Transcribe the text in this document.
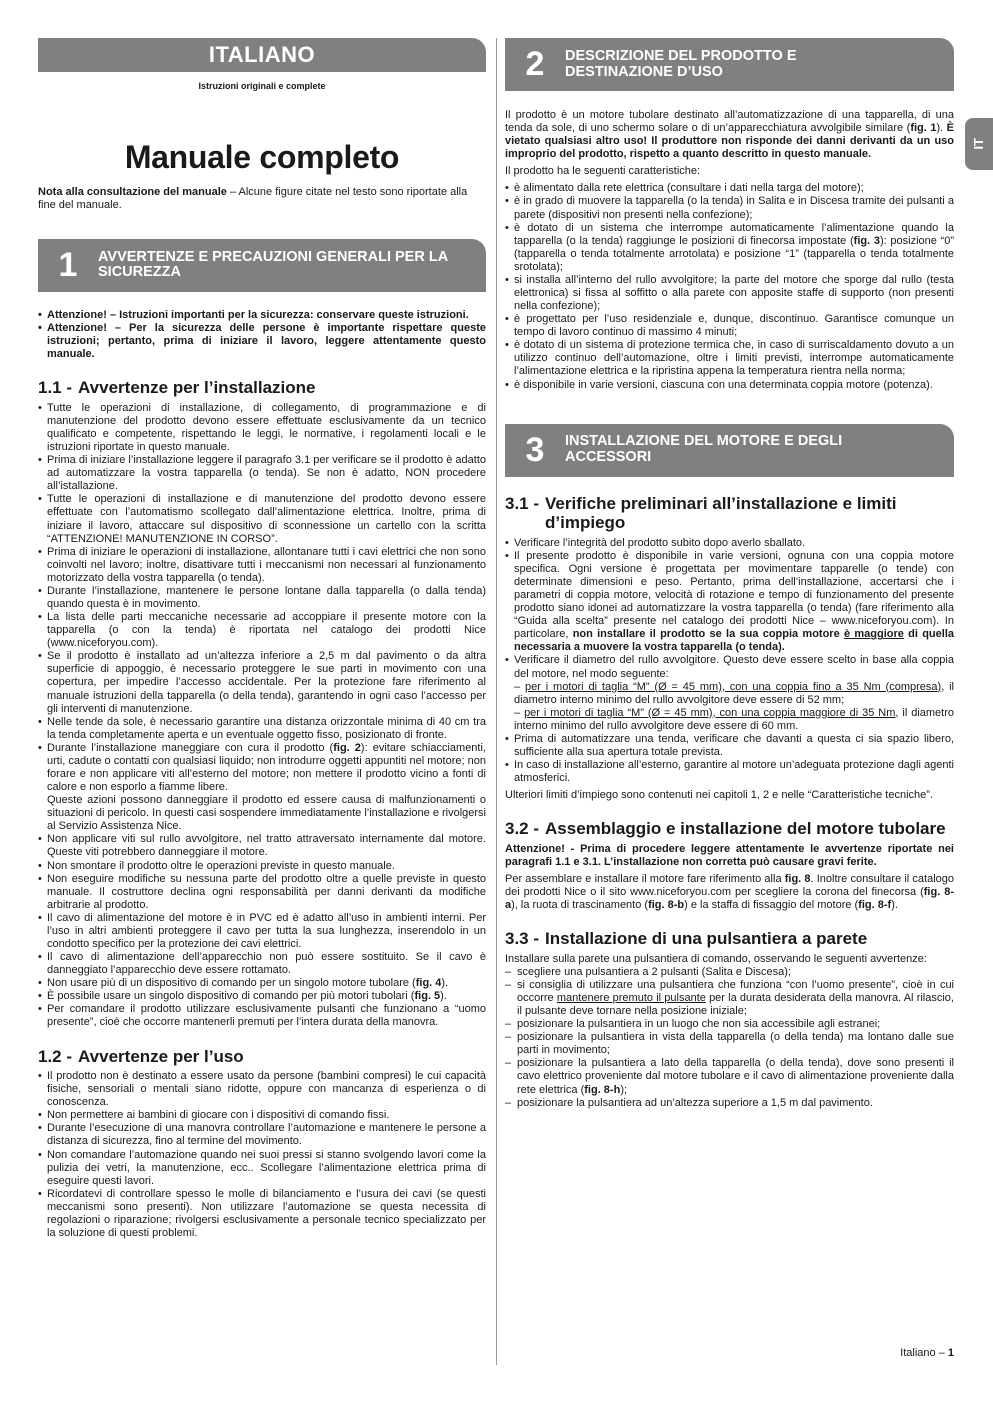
ITALIANO
Istruzioni originali e complete
Manuale completo

Nota alla consultazione del manuale – Alcune figure citate nel testo sono riportate alla fine del manuale.

1	AVVERTENZE E PRECAUZIONI GENERALI PER LA SICUREZZA
• Attenzione! – Istruzioni importanti per la sicurezza: conservare queste istruzioni.
• Attenzione! – Per la sicurezza delle persone è importante rispettare queste istruzioni; pertanto, prima di iniziare il lavoro, leggere attentamente questo manuale.
1.1 - Avvertenze per l’installazione
• Tutte le operazioni di installazione, di collegamento, di programmazione e di manutenzione del prodotto devono essere effettuate esclusivamente da un tecnico qualificato e competente, rispettando le leggi, le normative, i regolamenti locali e le istruzioni riportate in questo manuale.
• Prima di iniziare l’installazione leggere il paragrafo 3.1 per verificare se il prodotto è adatto ad automatizzare la vostra tapparella (o tenda). Se non è adatto, NON procedere all’istallazione.
• Tutte le operazioni di installazione e di manutenzione del prodotto devono essere effettuate con l’automatismo scollegato dall’alimentazione elettrica. Inoltre, prima di iniziare il lavoro, attaccare sul dispositivo di sconnessione un cartello con la scritta “ATTENZIONE! MANUTENZIONE IN CORSO”.
• Prima di iniziare le operazioni di installazione, allontanare tutti i cavi elettrici che non sono coinvolti nel lavoro; inoltre, disattivare tutti i meccanismi non necessari al funzionamento motorizzato della vostra tapparella (o tenda).
• Durante l’installazione, mantenere le persone lontane dalla tapparella (o dalla tenda) quando questa è in movimento.
• La lista delle parti meccaniche necessarie ad accoppiare il presente motore con la tapparella (o con la tenda) è riportata nel catalogo dei prodotti Nice (www.niceforyou.com).
• Se il prodotto è installato ad un’altezza inferiore a 2,5 m dal pavimento o da altra superficie di appoggio, è necessario proteggere le sue parti in movimento con una copertura, per impedire l’accesso accidentale. Per la protezione fare riferimento al manuale istruzioni della tapparella (o della tenda), garantendo in ogni caso l’accesso per gli interventi di manutenzione.
• Nelle tende da sole, è necessario garantire una distanza orizzontale minima di 40 cm tra la tenda completamente aperta e un eventuale oggetto fisso, posizionato di fronte.
• Durante l’installazione maneggiare con cura il prodotto (fig. 2): evitare schiacciamenti, urti, cadute o contatti con qualsiasi liquido; non introdurre oggetti appuntiti nel motore; non forare e non applicare viti all’esterno del motore; non mettere il prodotto vicino a fonti di calore e non esporlo a fiamme libere.
Queste azioni possono danneggiare il prodotto ed essere causa di malfunzionamenti o situazioni di pericolo. In questi casi sospendere immediatamente l’installazione e rivolgersi al Servizio Assistenza Nice.
• Non applicare viti sul rullo avvolgitore, nel tratto attraversato internamente dal motore. Queste viti potrebbero danneggiare il motore.
• Non smontare il prodotto oltre le operazioni previste in questo manuale.
• Non eseguire modifiche su nessuna parte del prodotto oltre a quelle previste in questo manuale. Il costruttore declina ogni responsabilità per danni derivanti da modifiche arbitrarie al prodotto.
• Il cavo di alimentazione del motore è in PVC ed è adatto all’uso in ambienti interni. Per l’uso in altri ambienti proteggere il cavo per tutta la sua lunghezza, inserendolo in un condotto specifico per la protezione dei cavi elettrici.
• Il cavo di alimentazione dell’apparecchio non può essere sostituito. Se il cavo è danneggiato l’apparecchio deve essere rottamato.
• Non usare più di un dispositivo di comando per un singolo motore tubolare (fig. 4).
• È possibile usare un singolo dispositivo di comando per più motori tubolari (fig. 5).
• Per comandare il prodotto utilizzare esclusivamente pulsanti che funzionano a “uomo presente”, cioè che occorre mantenerli premuti per l’intera durata della manovra.
1.2 - Avvertenze per l’uso
• Il prodotto non è destinato a essere usato da persone (bambini compresi) le cui capacità fisiche, sensoriali o mentali siano ridotte, oppure con mancanza di esperienza o di conoscenza.
• Non permettere ai bambini di giocare con i dispositivi di comando fissi.
• Durante l’esecuzione di una manovra controllare l’automazione e mantenere le persone a distanza di sicurezza, fino al termine del movimento.
• Non comandare l’automazione quando nei suoi pressi si stanno svolgendo lavori come la pulizia dei vetri, la manutenzione, ecc.. Scollegare l’alimentazione elettrica prima di eseguire questi lavori.
• Ricordatevi di controllare spesso le molle di bilanciamento e l’usura dei cavi (se questi meccanismi sono presenti). Non utilizzare l’automazione se questa necessita di regolazioni o riparazione; rivolgersi esclusivamente a personale tecnico specializzato per la soluzione di questi problemi.
2	DESCRIZIONE DEL PRODOTTO E DESTINAZIONE D’USO

Il prodotto è un motore tubolare destinato all’automatizzazione di una tapparella, di una tenda da sole, di uno schermo solare o di un’apparecchiatura avvolgibile similare (fig. 1). È vietato qualsiasi altro uso! Il produttore non risponde dei danni derivanti da un uso improprio del prodotto, rispetto a quanto descritto in questo manuale.

Il prodotto ha le seguenti caratteristiche:

• è alimentato dalla rete elettrica (consultare i dati nella targa del motore);
• è in grado di muovere la tapparella (o la tenda) in Salita e in Discesa tramite dei pulsanti a parete (dispositivi non presenti nella confezione);
• è dotato di un sistema che interrompe automaticamente l’alimentazione quando la tapparella (o la tenda) raggiunge le posizioni di finecorsa impostate (fig. 3): posizione “0” (tapparella o tenda totalmente arrotolata) e posizione “1” (tapparella o tenda totalmente srotolata);
• si installa all’interno del rullo avvolgitore; la parte del motore che sporge dal rullo (testa elettronica) si fissa al soffitto o alla parete con apposite staffe di supporto (non presenti nella confezione);
• è progettato per l’uso residenziale e, dunque, discontinuo. Garantisce comunque un tempo di lavoro continuo di massimo 4 minuti;
• è dotato di un sistema di protezione termica che, in caso di surriscaldamento dovuto a un utilizzo continuo dell’automazione, oltre i limiti previsti, interrompe automaticamente l’alimentazione elettrica e la ripristina appena la temperatura rientra nella norma;
• è disponibile in varie versioni, ciascuna con una determinata coppia motore (potenza).
3	INSTALLAZIONE DEL MOTORE E DEGLI ACCESSORI
3.1 - Verifiche preliminari all’installazione e limiti d’impiego
• Verificare l’integrità del prodotto subito dopo averlo sballato.
• Il presente prodotto è disponibile in varie versioni, ognuna con una coppia motore specifica. Ogni versione è progettata per movimentare tapparelle (o tende) con determinate dimensioni e peso. Pertanto, prima dell’installazione, accertarsi che i parametri di coppia motore, velocità di rotazione e tempo di funzionamento del presente prodotto siano idonei ad automatizzare la vostra tapparella (o tenda) (fare riferimento alla “Guida alla scelta” presente nel catalogo dei prodotti Nice – www.niceforyou.com). In particolare, non installare il prodotto se la sua coppia motore è maggiore di quella necessaria a muovere la vostra tapparella (o tenda).
• Verificare il diametro del rullo avvolgitore. Questo deve essere scelto in base alla coppia del motore, nel modo seguente:
– per i motori di taglia “M” (Ø = 45 mm), con una coppia fino a 35 Nm (compresa), il diametro interno minimo del rullo avvolgitore deve essere di 52 mm;
– per i motori di taglia “M” (Ø = 45 mm), con una coppia maggiore di 35 Nm, il diametro interno minimo del rullo avvolgitore deve essere di 60 mm.
• Prima di automatizzare una tenda, verificare che davanti a questa ci sia spazio libero, sufficiente alla sua apertura totale prevista.
• In caso di installazione all’esterno, garantire al motore un’adeguata protezione dagli agenti atmosferici.

Ulteriori limiti d’impiego sono contenuti nei capitoli 1, 2 e nelle “Caratteristiche tecniche”.

3.2 - Assemblaggio e installazione del motore tubolare

Attenzione! - Prima di procedere leggere attentamente le avvertenze riportate nei paragrafi 1.1 e 3.1. L’installazione non corretta può causare gravi ferite.

Per assemblare e installare il motore fare riferimento alla fig. 8. Inoltre consultare il catalogo dei prodotti Nice o il sito www.niceforyou.com per scegliere la corona del finecorsa (fig. 8-a), la ruota di trascinamento (fig. 8-b) e la staffa di fissaggio del motore (fig. 8-f).

3.3 - Installazione di una pulsantiera a parete

Installare sulla parete una pulsantiera di comando, osservando le seguenti avvertenze:

– scegliere una pulsantiera a 2 pulsanti (Salita e Discesa);
– si consiglia di utilizzare una pulsantiera che funziona “con l’uomo presente”, cioè in cui occorre mantenere premuto il pulsante per la durata desiderata della manovra. Al rilascio, il pulsante deve tornare nella posizione iniziale;
– posizionare la pulsantiera in un luogo che non sia accessibile agli estranei;
– posizionare la pulsantiera in vista della tapparella (o della tenda) ma lontano dalle sue parti in movimento;
– posizionare la pulsantiera a lato della tapparella (o della tenda), dove sono presenti il cavo elettrico proveniente dal motore tubolare e il cavo di alimentazione proveniente dalla rete elettrica (fig. 8-h);
– posizionare la pulsantiera ad un’altezza superiore a 1,5 m dal pavimento.
IT
Italiano – 1
